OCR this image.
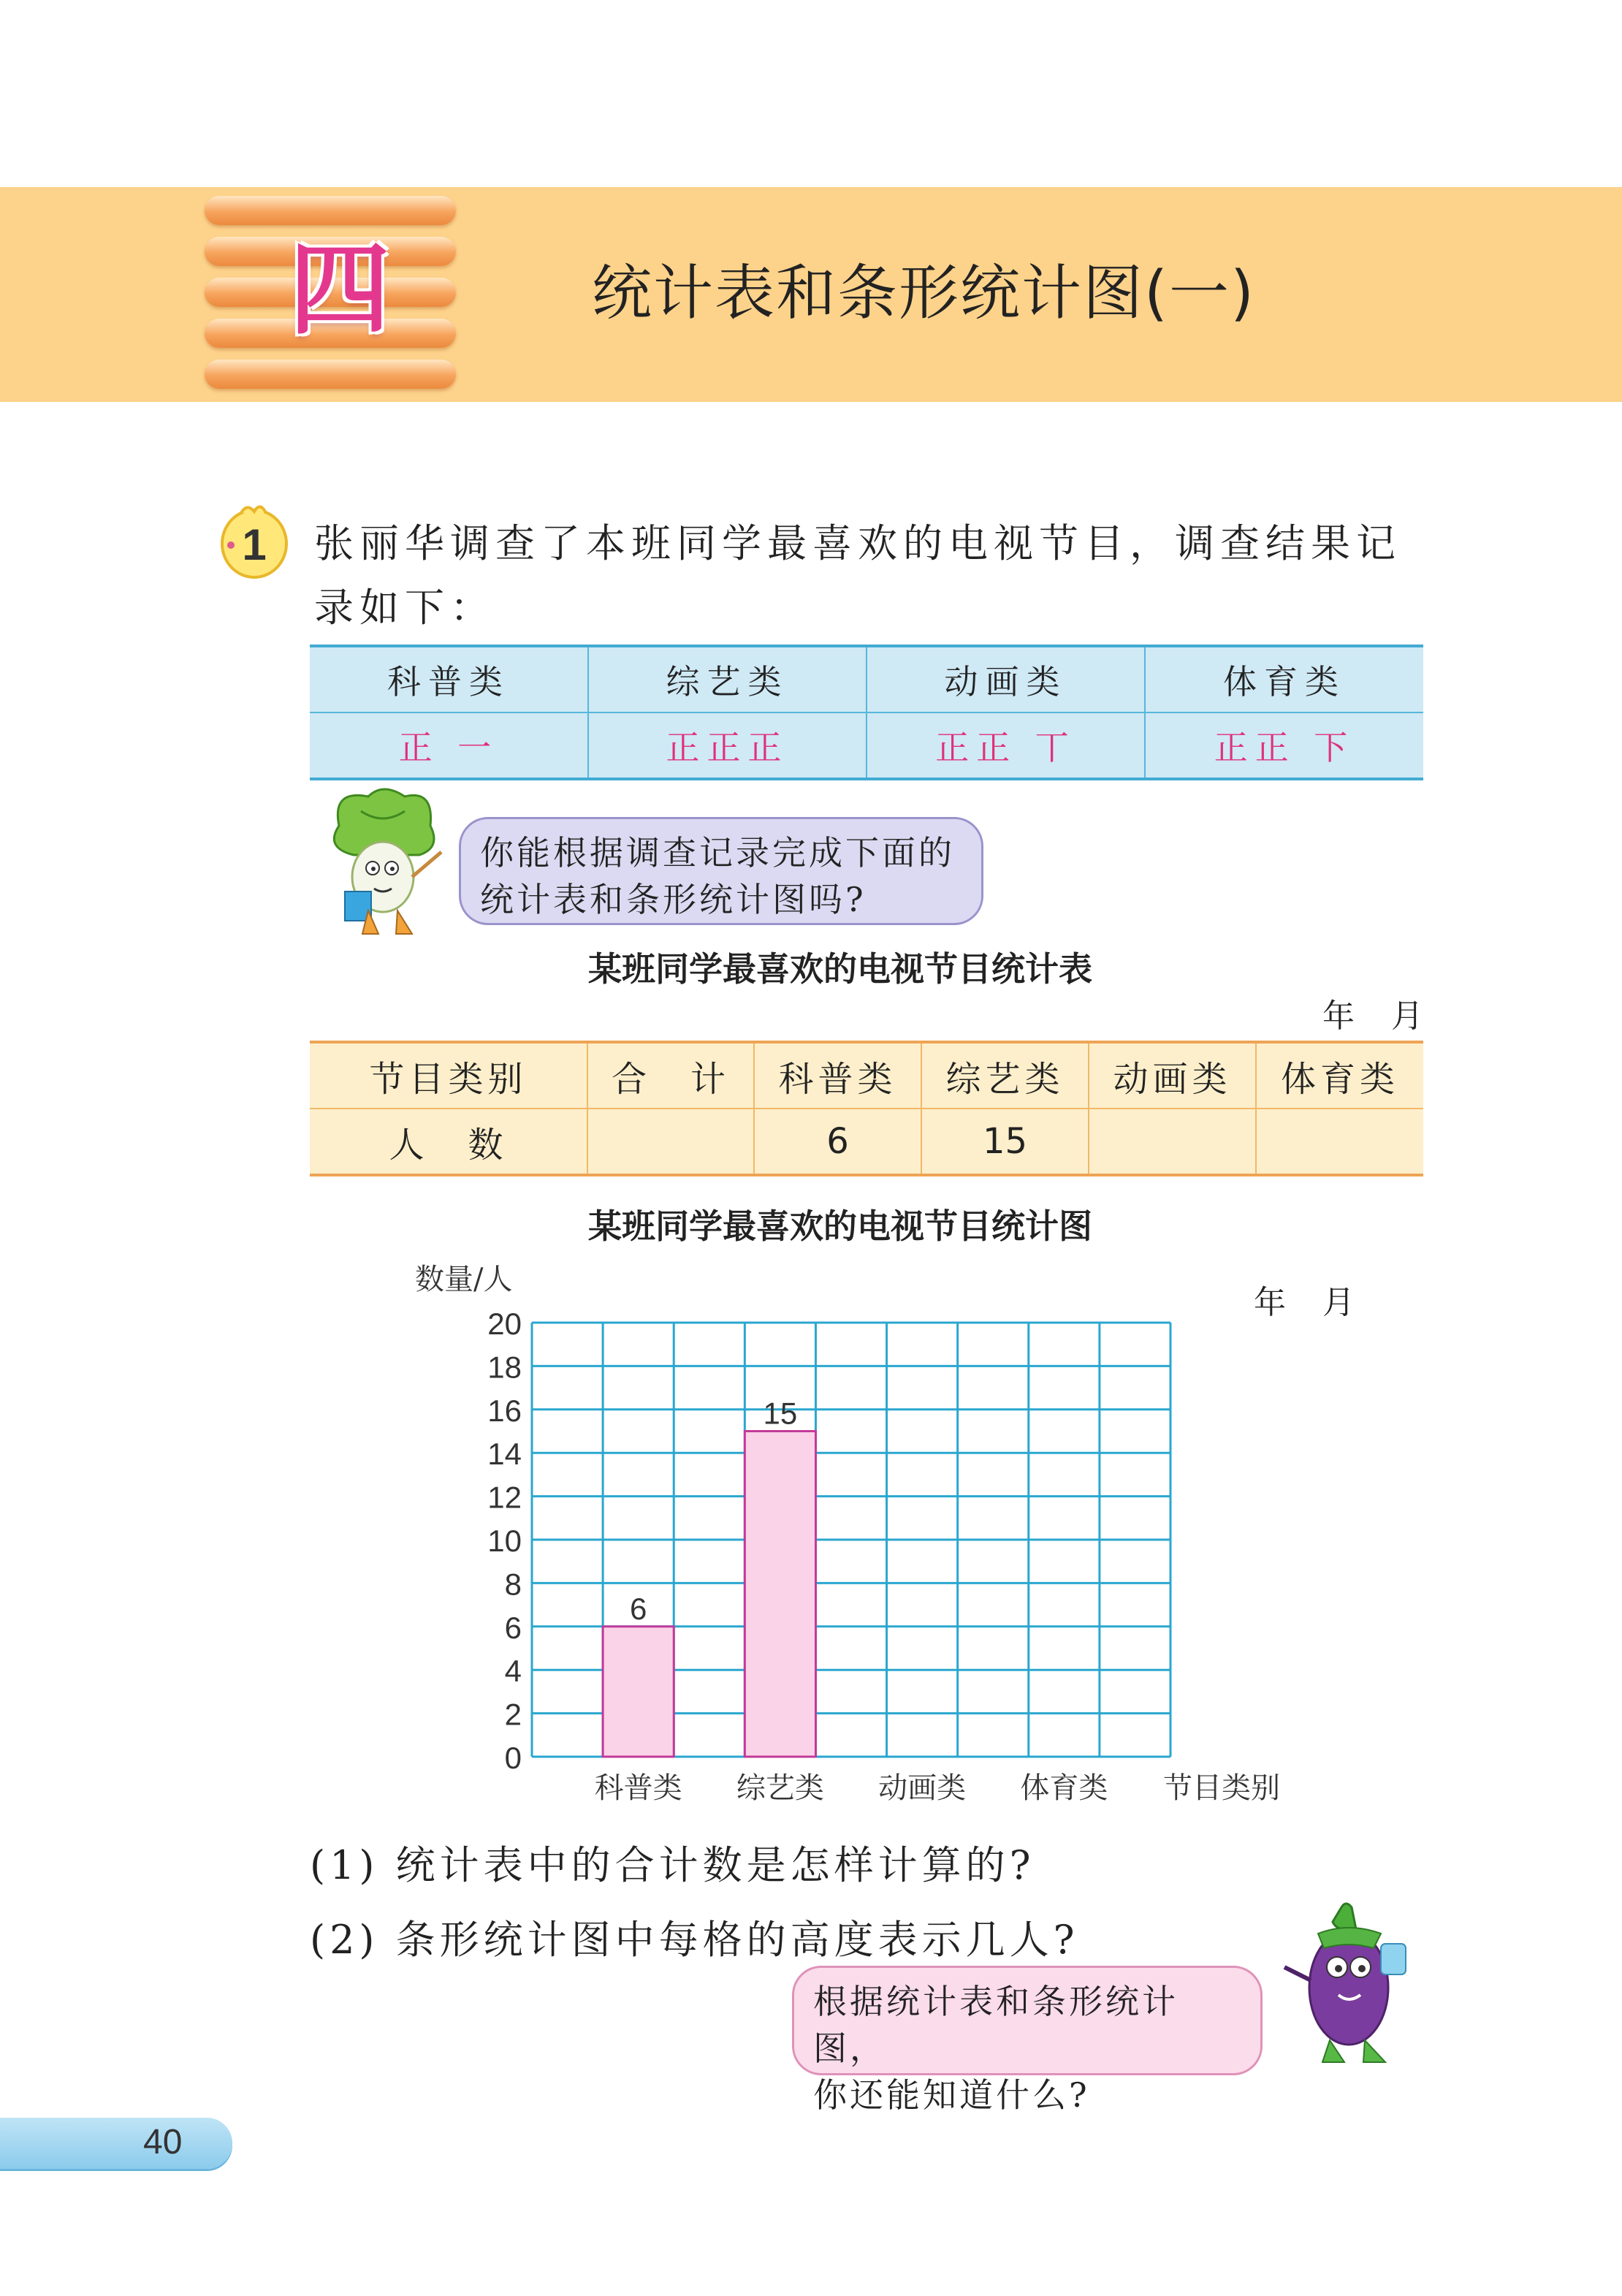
四	统计表和条形统计图(一)
1 张丽华调查了本班同学最喜欢的电视节目，调查结果记录如下：
科普类	综艺类	动画类	体育类
正 一	正正正	正正 丅	正正 下
你能根据调查记录完成下面的
统计表和条形统计图吗?
某班同学最喜欢的电视节目统计表
年 月
节目类别	合　计	科普类	综艺类	动画类	体育类
人　数		6	15		
某班同学最喜欢的电视节目统计图
年 月
0
2
4
6
8
10
12
14
16
18
20
数量/人
6
科普类
15
综艺类 动画类 体育类 节目类别
(1) 统计表中的合计数是怎样计算的?
(2) 条形统计图中每格的高度表示几人?
根据统计表和条形统计图，
你还能知道什么?
40
